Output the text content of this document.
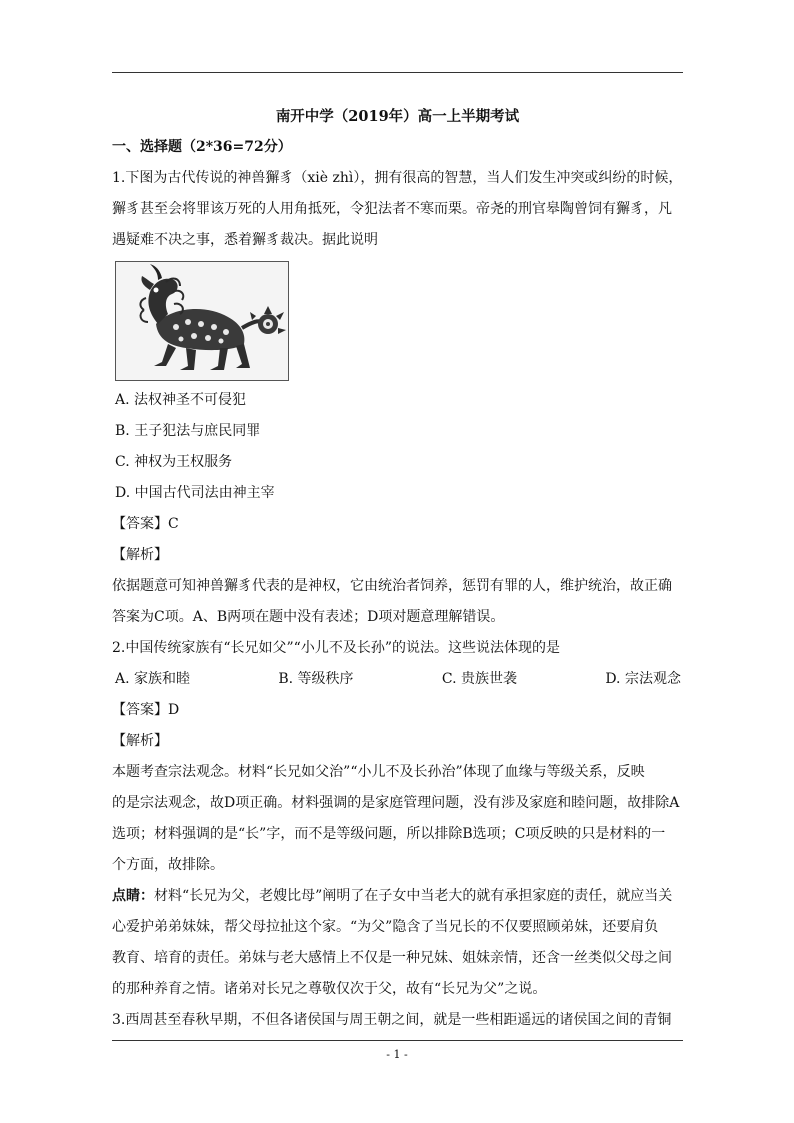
南开中学（2019年）高一上半期考试

一、选择题（2*36=72分）

1.下图为古代传说的神兽獬豸（xiè zhì），拥有很高的智慧，当人们发生冲突或纠纷的时候，

獬豸甚至会将罪该万死的人用角抵死，令犯法者不寒而栗。帝尧的刑官皋陶曾饲有獬豸，凡

遇疑难不决之事，悉着獬豸裁决。据此说明

A. 法权神圣不可侵犯

B. 王子犯法与庶民同罪

C. 神权为王权服务

D. 中国古代司法由神主宰

【答案】C

【解析】

依据题意可知神兽獬豸代表的是神权，它由统治者饲养，惩罚有罪的人，维护统治，故正确

答案为C项。A、B两项在题中没有表述；D项对题意理解错误。

2.中国传统家族有“长兄如父”“小儿不及长孙”的说法。这些说法体现的是

A. 家族和睦	B. 等级秩序	C. 贵族世袭	D. 宗法观念

【答案】D

【解析】

本题考查宗法观念。材料“长兄如父治”“小儿不及长孙治”体现了血缘与等级关系，反映

的是宗法观念，故D项正确。材料强调的是家庭管理问题，没有涉及家庭和睦问题，故排除A

选项；材料强调的是“长”字，而不是等级问题，所以排除B选项；C项反映的只是材料的一

个方面，故排除。

点睛：材料“长兄为父，老嫂比母”阐明了在子女中当老大的就有承担家庭的责任，就应当关

心爱护弟弟妹妹，帮父母拉扯这个家。“为父”隐含了当兄长的不仅要照顾弟妹，还要肩负

教育、培育的责任。弟妹与老大感情上不仅是一种兄妹、姐妹亲情，还含一丝类似父母之间

的那种养育之情。诸弟对长兄之尊敬仅次于父，故有“长兄为父”之说。

3.西周甚至春秋早期，不但各诸侯国与周王朝之间，就是一些相距遥远的诸侯国之间的青铜

- 1 -
